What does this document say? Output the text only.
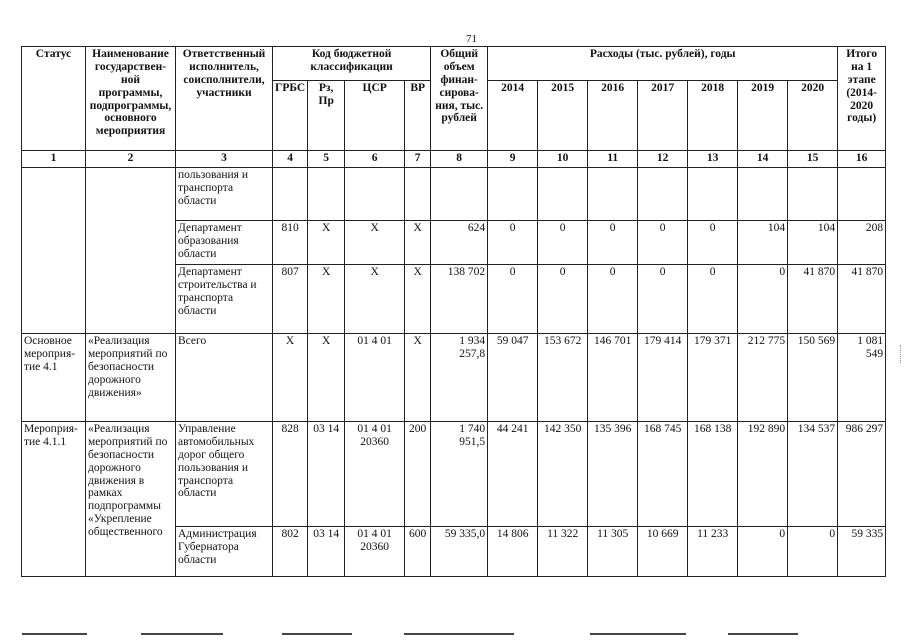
71
Статус	Наименование государствен-ной программы, подпрограммы, основного мероприятия	Ответственный исполнитель, соисполнители, участники	Код бюджетной классификации				Общий объем финан-сирова-ния, тыс. рублей	Расходы (тыс. рублей), годы							Итого на 1 этапе (2014-2020 годы)
			ГРБС	Рз, Пр	ЦСР	ВР		2014	2015	2016	2017	2018	2019	2020	
1	2	3	4	5	6	7	8	9	10	11	12	13	14	15	16
		пользования и транспорта области													
		Департамент образования области	810	Х	Х	Х	624	0	0	0	0	0	104	104	208
		Департамент строительства и транспорта области	807	Х	Х	Х	138 702	0	0	0	0	0	0	41 870	41 870
Основное мероприя-тие 4.1	«Реализация мероприятий по безопасности дорожного движения»	Всего	Х	Х	01 4 01	Х	1 934 257,8	59 047	153 672	146 701	179 414	179 371	212 775	150 569	1 081 549
Мероприя-тие 4.1.1	«Реализация мероприятий по безопасности дорожного движения в рамках подпрограммы «Укрепление общественного	Управление автомобильных дорог общего пользования и транспорта области	828	03 14	01 4 01 20360	200	1 740 951,5	44 241	142 350	135 396	168 745	168 138	192 890	134 537	986 297
		Администрация Губернатора области	802	03 14	01 4 01 20360	600	59 335,0	14 806	11 322	11 305	10 669	11 233	0	0	59 335
